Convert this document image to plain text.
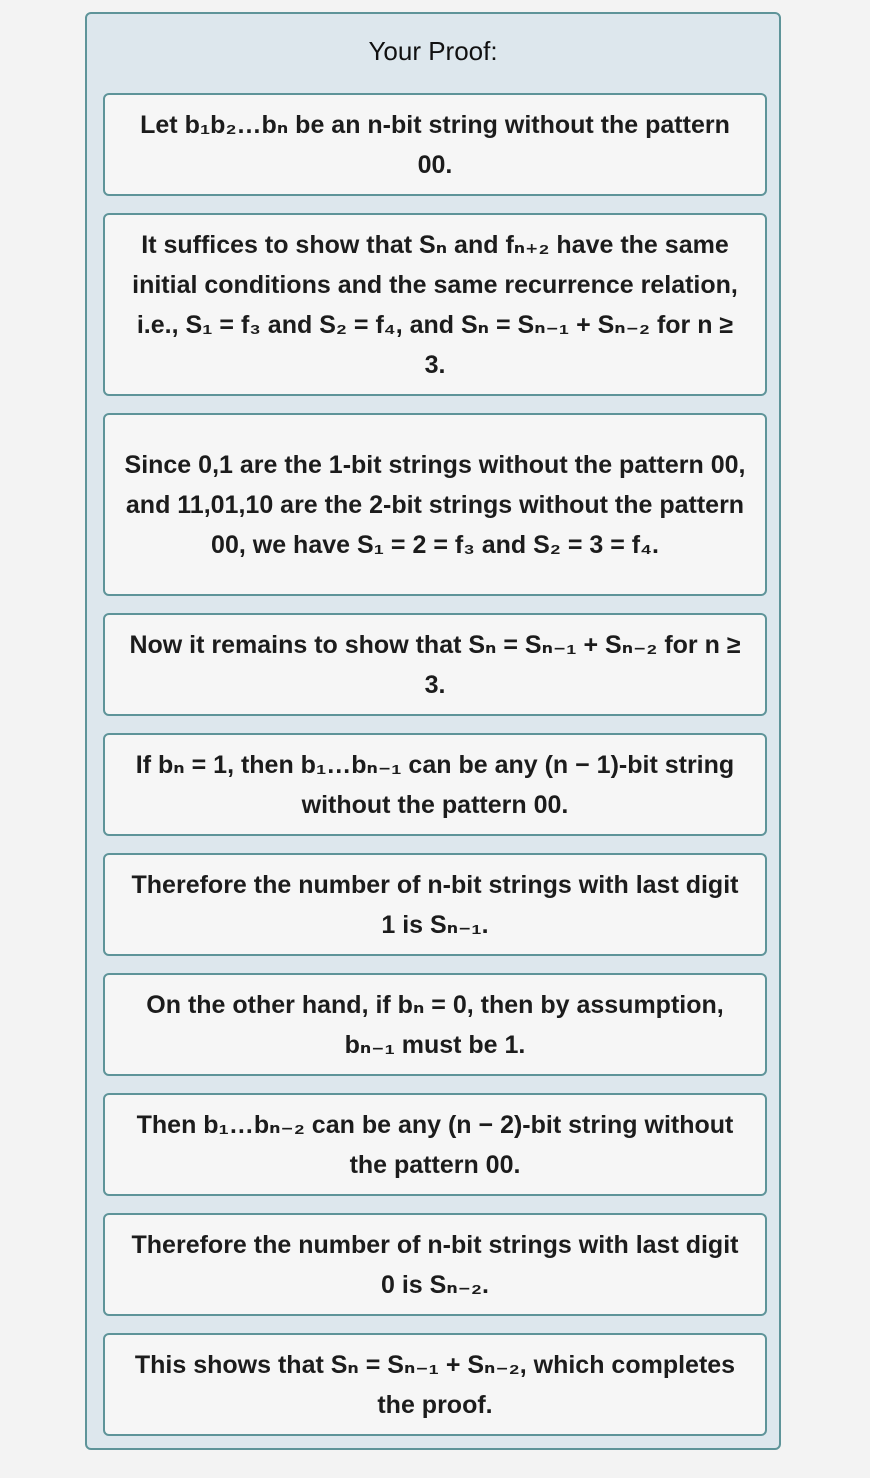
Your Proof:
Let b₁b₂…bₙ be an n-bit string without the pattern 00.
It suffices to show that Sₙ and fₙ₊₂ have the same initial conditions and the same recurrence relation, i.e., S₁ = f₃ and S₂ = f₄, and Sₙ = Sₙ₋₁ + Sₙ₋₂ for n ≥ 3.
Since 0,1 are the 1-bit strings without the pattern 00, and 11,01,10 are the 2-bit strings without the pattern 00, we have S₁ = 2 = f₃ and S₂ = 3 = f₄.
Now it remains to show that Sₙ = Sₙ₋₁ + Sₙ₋₂ for n ≥ 3.
If bₙ = 1, then b₁…bₙ₋₁ can be any (n − 1)-bit string without the pattern 00.
Therefore the number of n-bit strings with last digit 1 is Sₙ₋₁.
On the other hand, if bₙ = 0, then by assumption, bₙ₋₁ must be 1.
Then b₁…bₙ₋₂ can be any (n − 2)-bit string without the pattern 00.
Therefore the number of n-bit strings with last digit 0 is Sₙ₋₂.
This shows that Sₙ = Sₙ₋₁ + Sₙ₋₂, which completes the proof.
